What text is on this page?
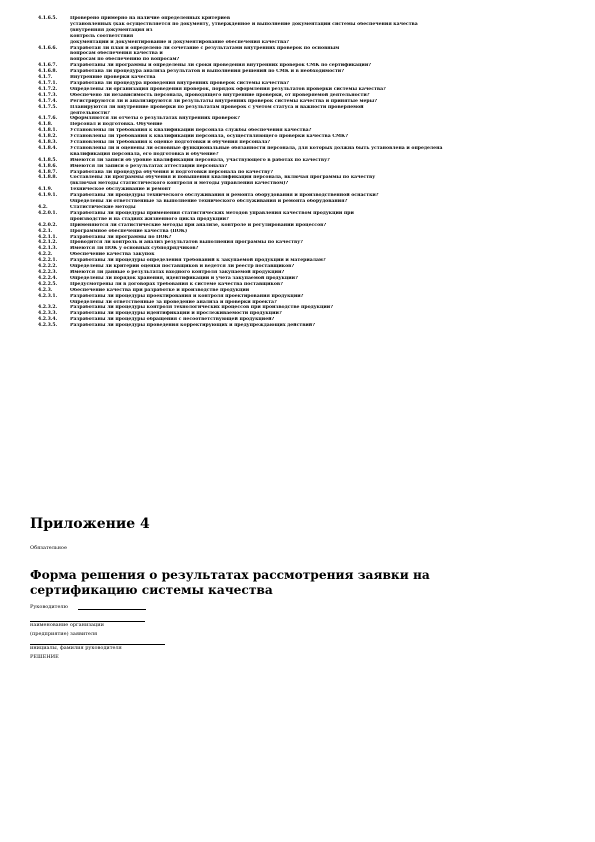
4.1.6.5.	Проверено примерно на наличие определенных критериев
установленных (как осуществляется по документу, утвержденное и выполнение документации системы обеспечения качества
(внутренняя документация из
контроль соответствия
документации и документирование и документирование обеспечения качества?
4.1.6.6.	Разработан ли план и определено ли сочетание с результатами внутренних проверок по основным
вопросам обеспечения качества и
вопросам по обеспечению по вопросам?
4.1.6.7.	Разработаны ли программы и определены ли сроки проведения внутренних проверок СМК по сертификации?
4.1.6.8.	Разработана ли процедура анализа результатов и выполнения решений по СМК и в необходимости?
4.1.7.	Внутренние проверки качества
4.1.7.1.	Разработана ли процедура проведения внутренних проверок системы качества?
4.1.7.2.	Определены ли организация проведения проверок, порядок оформления результатов проверки системы качества?
4.1.7.3.	Обеспечено ли независимость персонала, проводящего внутренние проверки, от проверяемой деятельности?
4.1.7.4.	Регистрируются ли и анализируются ли результаты внутренних проверок системы качества и принятые меры?
4.1.7.5.	Планируются ли внутренние проверки по результатам проверок с учетом статуса и важности проверяемой
деятельности?
4.1.7.6.	Оформляются ли отчеты о результатах внутренних проверок?
4.1.8.	Персонал и подготовка. Обучение
4.1.8.1.	Установлены ли требования к квалификации персонала службы обеспечения качества?
4.1.8.2.	Установлены ли требования к квалификации персонала, осуществляющего проверки качества СМК?
4.1.8.3.	Установлены ли требования к оценке подготовки и обучения персонала?
4.1.8.4.	Установлены ли и оценены ли основные функциональные обязанности персонала, для которых должна быть установлена и определена
квалификация персонала, его подготовка и обучение?
4.1.8.5.	Имеются ли записи об уровне квалификации персонала, участвующего в работах по качеству?
4.1.8.6.	Имеются ли записи о результатах аттестации персонала?
4.1.8.7.	Разработана ли процедура обучения и подготовки персонала по качеству?
4.1.8.8.	Составлены ли программы обучения и повышения квалификации персонала, включая программы по качеству
(включая методы статистического контроля и методы управления качеством)?
4.1.9.	Техническое обслуживание и ремонт
4.1.9.1.	Разработаны ли процедуры технического обслуживания и ремонта оборудования и производственной оснастки?
Определены ли ответственные за выполнение технического обслуживания и ремонта оборудования?
4.2.	Статистические методы
4.2.0.1.	Разработаны ли процедуры применения статистических методов управления качеством продукции при
производстве и на стадиях жизненного цикла продукции?
4.2.0.2.	Применяются ли статистические методы при анализе, контроле и регулировании процессов?
4.2.1.	Программное обеспечение качества (ПОК)
4.2.1.1.	Разработаны ли программы по ПОК?
4.2.1.2.	Проводится ли контроль и анализ результатов выполнения программы по качеству?
4.2.1.3.	Имеются ли ПОК у основных субподрядчиков?
4.2.2.	Обеспечение качества закупок
4.2.2.1.	Разработаны ли процедуры определения требований к закупаемой продукции и материалам?
4.2.2.2.	Определены ли критерии оценки поставщиков и ведется ли реестр поставщиков?
4.2.2.3.	Имеются ли данные о результатах входного контроля закупаемой продукции?
4.2.2.4.	Определены ли порядок хранения, идентификации и учета закупаемой продукции?
4.2.2.5.	Предусмотрены ли в договорах требования к системе качества поставщиков?
4.2.3.	Обеспечение качества при разработке и производстве продукции
4.2.3.1.	Разработаны ли процедуры проектирования и контроля проектирования продукции?
Определены ли ответственные за проведение анализа и проверки проекта?
4.2.3.2.	Разработаны ли процедуры контроля технологических процессов при производстве продукции?
4.2.3.3.	Разработаны ли процедуры идентификации и прослеживаемости продукции?
4.2.3.4.	Разработаны ли процедуры обращения с несоответствующей продукцией?
4.2.3.5.	Разработаны ли процедуры проведения корректирующих и предупреждающих действий?
Приложение 4
Обязательное
Форма решения о результатах рассмотрения заявки на сертификацию системы качества
Руководителю
наименование организации
(предприятие) заявителя
инициалы, фамилия руководителя
РЕШЕНИЕ
